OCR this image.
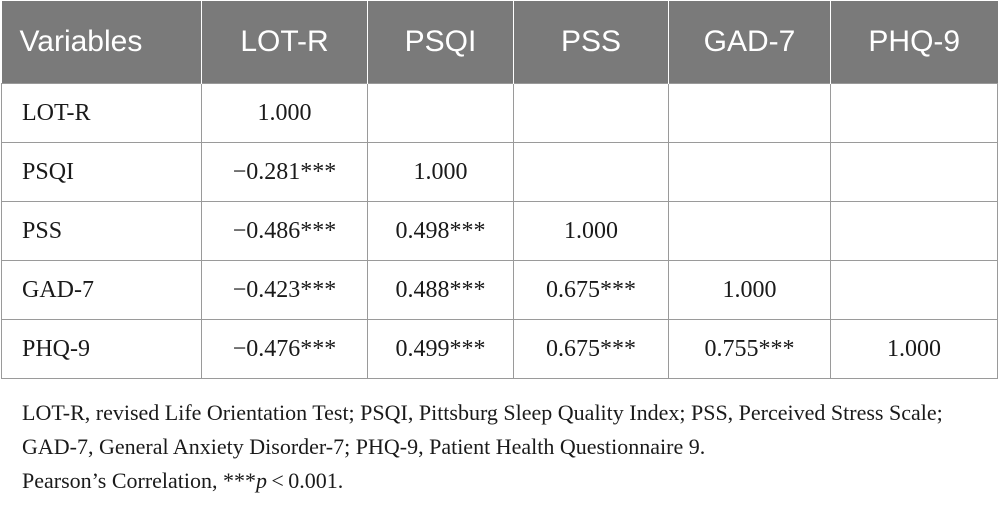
Variables	LOT-R	PSQI	PSS	GAD-7	PHQ-9
LOT-R	1.000				
PSQI	−0.281***	1.000			
PSS	−0.486***	0.498***	1.000		
GAD-7	−0.423***	0.488***	0.675***	1.000	
PHQ-9	−0.476***	0.499***	0.675***	0.755***	1.000

LOT-R, revised Life Orientation Test; PSQI, Pittsburg Sleep Quality Index; PSS, Perceived Stress Scale; GAD-7, General Anxiety Disorder-7; PHQ-9, Patient Health Questionnaire 9.

Pearson’s Correlation, ***p < 0.001.
